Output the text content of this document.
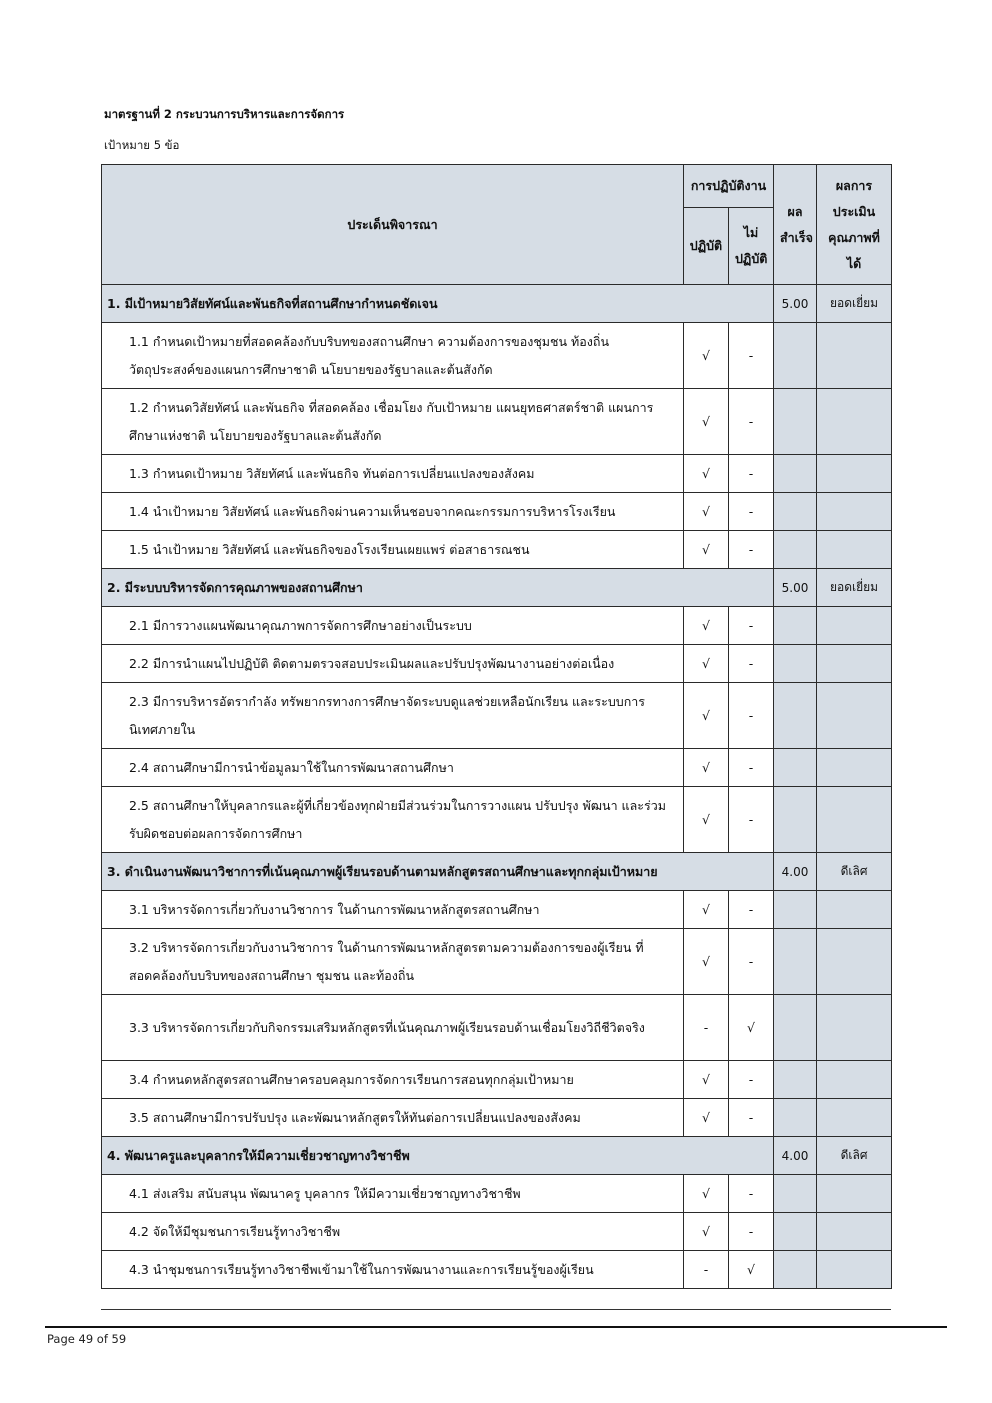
มาตรฐานที่ 2 กระบวนการบริหารและการจัดการ
เป้าหมาย 5 ข้อ
ประเด็นพิจารณา	การปฏิบัติงาน		ผลสำเร็จ	ผลการประเมินคุณภาพที่ได้
	ปฏิบัติ	ไม่ปฏิบัติ		
1. มีเป้าหมายวิสัยทัศน์และพันธกิจที่สถานศึกษากำหนดชัดเจน			5.00	ยอดเยี่ยม
1.1 กำหนดเป้าหมายที่สอดคล้องกับบริบทของสถานศึกษา ความต้องการของชุมชน ท้องถิ่น วัตถุประสงค์ของแผนการศึกษาชาติ นโยบายของรัฐบาลและต้นสังกัด	√	-		
1.2 กำหนดวิสัยทัศน์ และพันธกิจ ที่สอดคล้อง เชื่อมโยง กับเป้าหมาย แผนยุทธศาสตร์ชาติ แผนการศึกษาแห่งชาติ นโยบายของรัฐบาลและต้นสังกัด	√	-		
1.3 กำหนดเป้าหมาย วิสัยทัศน์ และพันธกิจ ทันต่อการเปลี่ยนแปลงของสังคม	√	-		
1.4 นำเป้าหมาย วิสัยทัศน์ และพันธกิจผ่านความเห็นชอบจากคณะกรรมการบริหารโรงเรียน	√	-		
1.5 นำเป้าหมาย วิสัยทัศน์ และพันธกิจของโรงเรียนเผยแพร่ ต่อสาธารณชน	√	-		
2. มีระบบบริหารจัดการคุณภาพของสถานศึกษา			5.00	ยอดเยี่ยม
2.1 มีการวางแผนพัฒนาคุณภาพการจัดการศึกษาอย่างเป็นระบบ	√	-		
2.2 มีการนำแผนไปปฏิบัติ ติดตามตรวจสอบประเมินผลและปรับปรุงพัฒนางานอย่างต่อเนื่อง	√	-		
2.3 มีการบริหารอัตรากำลัง ทรัพยากรทางการศึกษาจัดระบบดูแลช่วยเหลือนักเรียน และระบบการนิเทศภายใน	√	-		
2.4 สถานศึกษามีการนำข้อมูลมาใช้ในการพัฒนาสถานศึกษา	√	-		
2.5 สถานศึกษาให้บุคลากรและผู้ที่เกี่ยวข้องทุกฝ่ายมีส่วนร่วมในการวางแผน ปรับปรุง พัฒนา และร่วมรับผิดชอบต่อผลการจัดการศึกษา	√	-		
3. ดำเนินงานพัฒนาวิชาการที่เน้นคุณภาพผู้เรียนรอบด้านตามหลักสูตรสถานศึกษาและทุกกลุ่มเป้าหมาย			4.00	ดีเลิศ
3.1 บริหารจัดการเกี่ยวกับงานวิชาการ ในด้านการพัฒนาหลักสูตรสถานศึกษา	√	-		
3.2 บริหารจัดการเกี่ยวกับงานวิชาการ ในด้านการพัฒนาหลักสูตรตามความต้องการของผู้เรียน ที่สอดคล้องกับบริบทของสถานศึกษา ชุมชน และท้องถิ่น	√	-		
3.3 บริหารจัดการเกี่ยวกับกิจกรรมเสริมหลักสูตรที่เน้นคุณภาพผู้เรียนรอบด้านเชื่อมโยงวิถีชีวิตจริง	-	√		
3.4 กำหนดหลักสูตรสถานศึกษาครอบคลุมการจัดการเรียนการสอนทุกกลุ่มเป้าหมาย	√	-		
3.5 สถานศึกษามีการปรับปรุง และพัฒนาหลักสูตรให้ทันต่อการเปลี่ยนแปลงของสังคม	√	-		
4. พัฒนาครูและบุคลากรให้มีความเชี่ยวชาญทางวิชาชีพ			4.00	ดีเลิศ
4.1 ส่งเสริม สนับสนุน พัฒนาครู บุคลากร ให้มีความเชี่ยวชาญทางวิชาชีพ	√	-		
4.2 จัดให้มีชุมชนการเรียนรู้ทางวิชาชีพ	√	-		
4.3 นำชุมชนการเรียนรู้ทางวิชาชีพเข้ามาใช้ในการพัฒนางานและการเรียนรู้ของผู้เรียน	-	√		
Page 49 of 59
